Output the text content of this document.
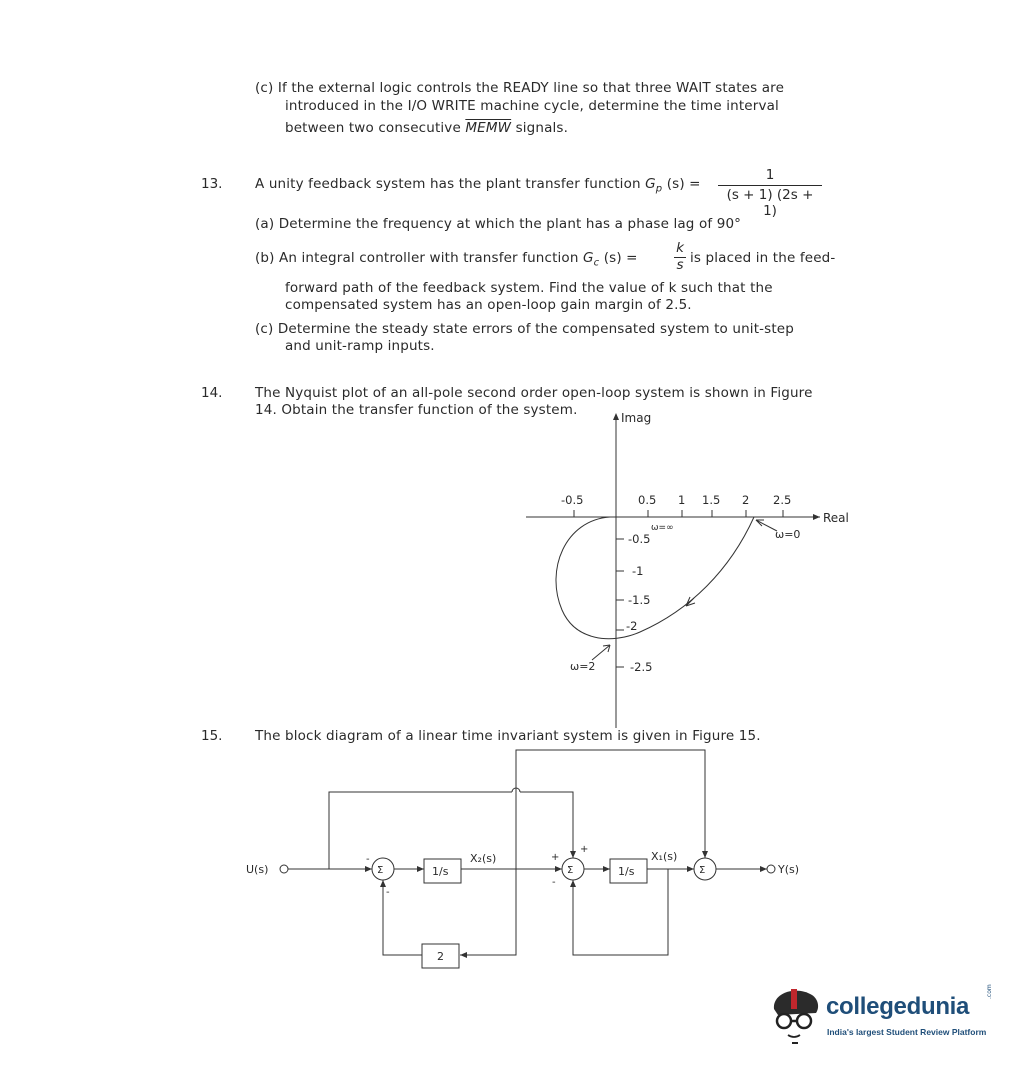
(c) If the external logic controls the READY line so that three WAIT states are
introduced in the I/O WRITE machine cycle, determine the time interval
between two consecutive MEMW signals.
13. A unity feedback system has the plant transfer function $G_p$ (s) =
1
(s + 1) (2s + 1)
(a) Determine the frequency at which the plant has a phase lag of 90°
(b) An integral controller with transfer function $G_c$ (s) =
k
s is placed in the feed-
forward path of the feedback system. Find the value of k such that the
compensated system has an open-loop gain margin of 2.5.
(c) Determine the steady state errors of the compensated system to unit-step
and unit-ramp inputs.
14. The Nyquist plot of an all-pole second order open-loop system is shown in Figure
14. Obtain the transfer function of the system.	Imag
Real
-0.5	0.5 1 1.5 2 2.5
-0.5
-1
-1.5
-2
-2.5
ω=∞	ω=0
ω=2
15. The block diagram of a linear time invariant system is given in Figure 15.
Σ	Σ	Σ
1/s	1/s
2
U(s)	Y(s)
X₂(s)	X₁(s)
-
-
+
+
-
collegedunia
.com
India's largest Student Review Platform
